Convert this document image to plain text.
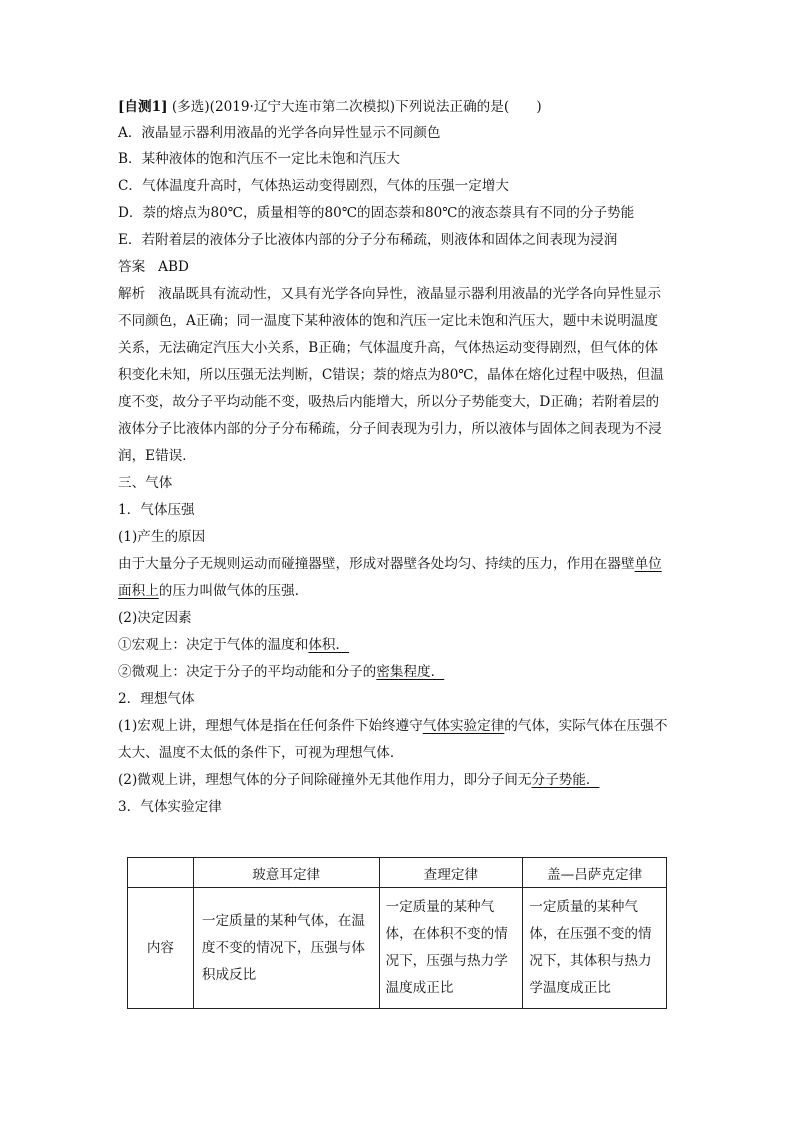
[自测1] (多选)(2019·辽宁大连市第二次模拟)下列说法正确的是(　　)
A．液晶显示器利用液晶的光学各向异性显示不同颜色
B．某种液体的饱和汽压不一定比未饱和汽压大
C．气体温度升高时，气体热运动变得剧烈，气体的压强一定增大
D．萘的熔点为80℃，质量相等的80℃的固态萘和80℃的液态萘具有不同的分子势能
E．若附着层的液体分子比液体内部的分子分布稀疏，则液体和固体之间表现为浸润
答案 ABD
解析 液晶既具有流动性，又具有光学各向异性，液晶显示器利用液晶的光学各向异性显示
不同颜色，A正确；同一温度下某种液体的饱和汽压一定比未饱和汽压大，题中未说明温度
关系，无法确定汽压大小关系，B正确；气体温度升高，气体热运动变得剧烈，但气体的体
积变化未知，所以压强无法判断，C错误；萘的熔点为80℃，晶体在熔化过程中吸热，但温
度不变，故分子平均动能不变，吸热后内能增大，所以分子势能变大，D正确；若附着层的
液体分子比液体内部的分子分布稀疏，分子间表现为引力，所以液体与固体之间表现为不浸
润，E错误．
三、气体
1．气体压强
(1)产生的原因
由于大量分子无规则运动而碰撞器壁，形成对器壁各处均匀、持续的压力，作用在器壁单位
面积上的压力叫做气体的压强．
(2)决定因素
①宏观上：决定于气体的温度和体积．
②微观上：决定于分子的平均动能和分子的密集程度．
2．理想气体
(1)宏观上讲，理想气体是指在任何条件下始终遵守气体实验定律的气体，实际气体在压强不
太大、温度不太低的条件下，可视为理想气体．
(2)微观上讲，理想气体的分子间除碰撞外无其他作用力，即分子间无分子势能．
3．气体实验定律
	玻意耳定律	查理定律	盖—吕萨克定律
内容	一定质量的某种气体，在温度不变的情况下，压强与体积成反比	一定质量的某种气体，在体积不变的情况下，压强与热力学温度成正比	一定质量的某种气体，在压强不变的情况下，其体积与热力学温度成正比
